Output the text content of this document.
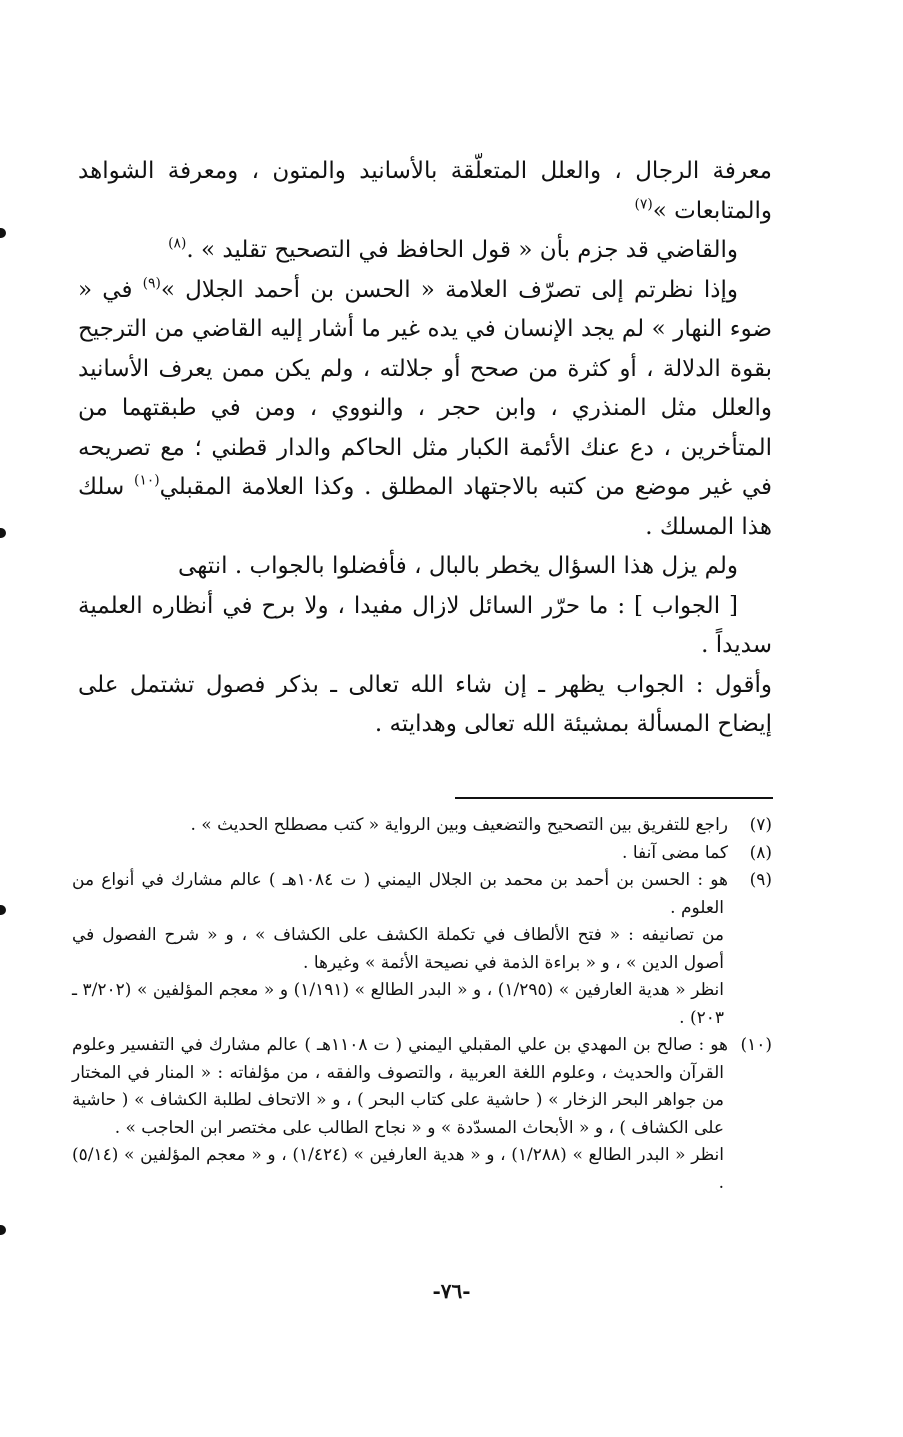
معرفة الرجال ، والعلل المتعلّقة بالأسانيد والمتون ، ومعرفة الشواهد والمتابعات »$^{(٧)}$

والقاضي قد جزم بأن « قول الحافظ في التصحيح تقليد » .$^{(٨)}$

وإذا نظرتم إلى تصرّف العلامة « الحسن بن أحمد الجلال »$^{(٩)}$ في « ضوء النهار » لم يجد الإنسان في يده غير ما أشار إليه القاضي من الترجيح بقوة الدلالة ، أو كثرة من صحح أو جلالته ، ولم يكن ممن يعرف الأسانيد والعلل مثل المنذري ، وابن حجر ، والنووي ، ومن في طبقتهما من المتأخرين ، دع عنك الأئمة الكبار مثل الحاكم والدار قطني ؛ مع تصريحه في غير موضع من كتبه بالاجتهاد المطلق . وكذا العلامة المقبلي$^{(١٠)}$ سلك هذا المسلك .

ولم يزل هذا السؤال يخطر بالبال ، فأفضلوا بالجواب . انتهى

[ الجواب ] : ما حرّر السائل لازال مفيدا ، ولا برح في أنظاره العلمية سديداً .

وأقول : الجواب يظهر ـ إن شاء الله تعالى ـ بذكر فصول تشتمل على إيضاح المسألة بمشيئة الله تعالى وهدايته .

(٧)راجع للتفريق بين التصحيح والتضعيف وبين الرواية « كتب مصطلح الحديث » .

(٨)كما مضى آنفا .

(٩)هو : الحسن بن أحمد بن محمد بن الجلال اليمني ( ت ١٠٨٤هـ ) عالم مشارك في أنواع من العلوم .
من تصانيفه : « فتح الألطاف في تكملة الكشف على الكشاف » ، و « شرح الفصول في أصول الدين » ، و « براءة الذمة في نصيحة الأئمة » وغيرها .
انظر « هدية العارفين » (١/٢٩٥) ، و « البدر الطالع » (١/١٩١) و « معجم المؤلفين » (٣/٢٠٢ ـ ٢٠٣) .

(١٠)هو : صالح بن المهدي بن علي المقبلي اليمني ( ت ١١٠٨هـ ) عالم مشارك في التفسير وعلوم القرآن والحديث ، وعلوم اللغة العربية ، والتصوف والفقه ، من مؤلفاته : « المنار في المختار من جواهر البحر الزخار » ( حاشية على كتاب البحر ) ، و « الاتحاف لطلبة الكشاف » ( حاشية على الكشاف ) ، و « الأبحاث المسدّدة » و « نجاح الطالب على مختصر ابن الحاجب » .
انظر « البدر الطالع » (١/٢٨٨) ، و « هدية العارفين » (١/٤٢٤) ، و « معجم المؤلفين » (٥/١٤) .

-٧٦-
